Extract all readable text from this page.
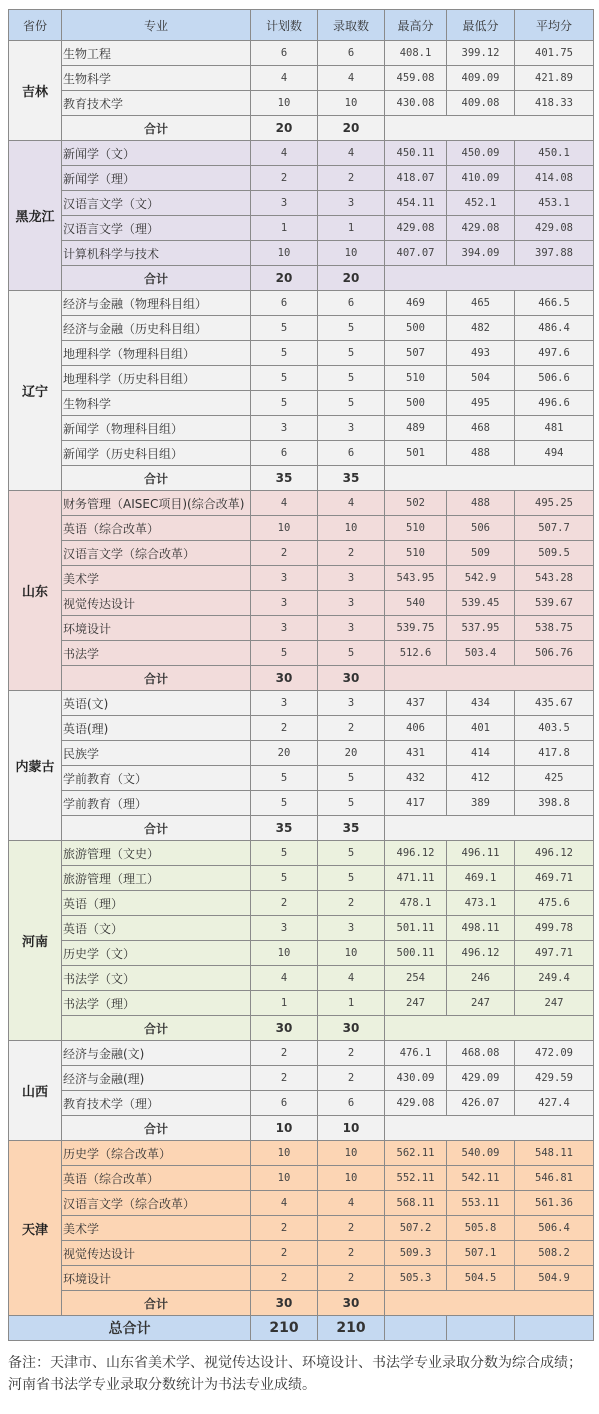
省份	专业	计划数	录取数	最高分	最低分	平均分
吉林	生物工程	6	6	408.1	399.12	401.75
	生物科学	4	4	459.08	409.09	421.89
	教育技术学	10	10	430.08	409.08	418.33
	合计	20	20			
黑龙江	新闻学（文）	4	4	450.11	450.09	450.1
	新闻学（理）	2	2	418.07	410.09	414.08
	汉语言文学（文）	3	3	454.11	452.1	453.1
	汉语言文学（理）	1	1	429.08	429.08	429.08
	计算机科学与技术	10	10	407.07	394.09	397.88
	合计	20	20			
辽宁	经济与金融（物理科目组）	6	6	469	465	466.5
	经济与金融（历史科目组）	5	5	500	482	486.4
	地理科学（物理科目组）	5	5	507	493	497.6
	地理科学（历史科目组）	5	5	510	504	506.6
	生物科学	5	5	500	495	496.6
	新闻学（物理科目组）	3	3	489	468	481
	新闻学（历史科目组）	6	6	501	488	494
	合计	35	35			
山东	财务管理（AISEC项目)(综合改革)	4	4	502	488	495.25
	英语（综合改革）	10	10	510	506	507.7
	汉语言文学（综合改革）	2	2	510	509	509.5
	美术学	3	3	543.95	542.9	543.28
	视觉传达设计	3	3	540	539.45	539.67
	环境设计	3	3	539.75	537.95	538.75
	书法学	5	5	512.6	503.4	506.76
	合计	30	30			
内蒙古	英语(文)	3	3	437	434	435.67
	英语(理)	2	2	406	401	403.5
	民族学	20	20	431	414	417.8
	学前教育（文）	5	5	432	412	425
	学前教育（理）	5	5	417	389	398.8
	合计	35	35			
河南	旅游管理（文史）	5	5	496.12	496.11	496.12
	旅游管理（理工）	5	5	471.11	469.1	469.71
	英语（理）	2	2	478.1	473.1	475.6
	英语（文）	3	3	501.11	498.11	499.78
	历史学（文）	10	10	500.11	496.12	497.71
	书法学（文）	4	4	254	246	249.4
	书法学（理）	1	1	247	247	247
	合计	30	30			
山西	经济与金融(文)	2	2	476.1	468.08	472.09
	经济与金融(理)	2	2	430.09	429.09	429.59
	教育技术学（理）	6	6	429.08	426.07	427.4
	合计	10	10			
天津	历史学（综合改革）	10	10	562.11	540.09	548.11
	英语（综合改革）	10	10	552.11	542.11	546.81
	汉语言文学（综合改革）	4	4	568.11	553.11	561.36
	美术学	2	2	507.2	505.8	506.4
	视觉传达设计	2	2	509.3	507.1	508.2
	环境设计	2	2	505.3	504.5	504.9
	合计	30	30			
总合计		210	210			
备注：天津市、山东省美术学、视觉传达设计、环境设计、书法学专业录取分数为综合成绩；河南省书法学专业录取分数统计为书法专业成绩。
